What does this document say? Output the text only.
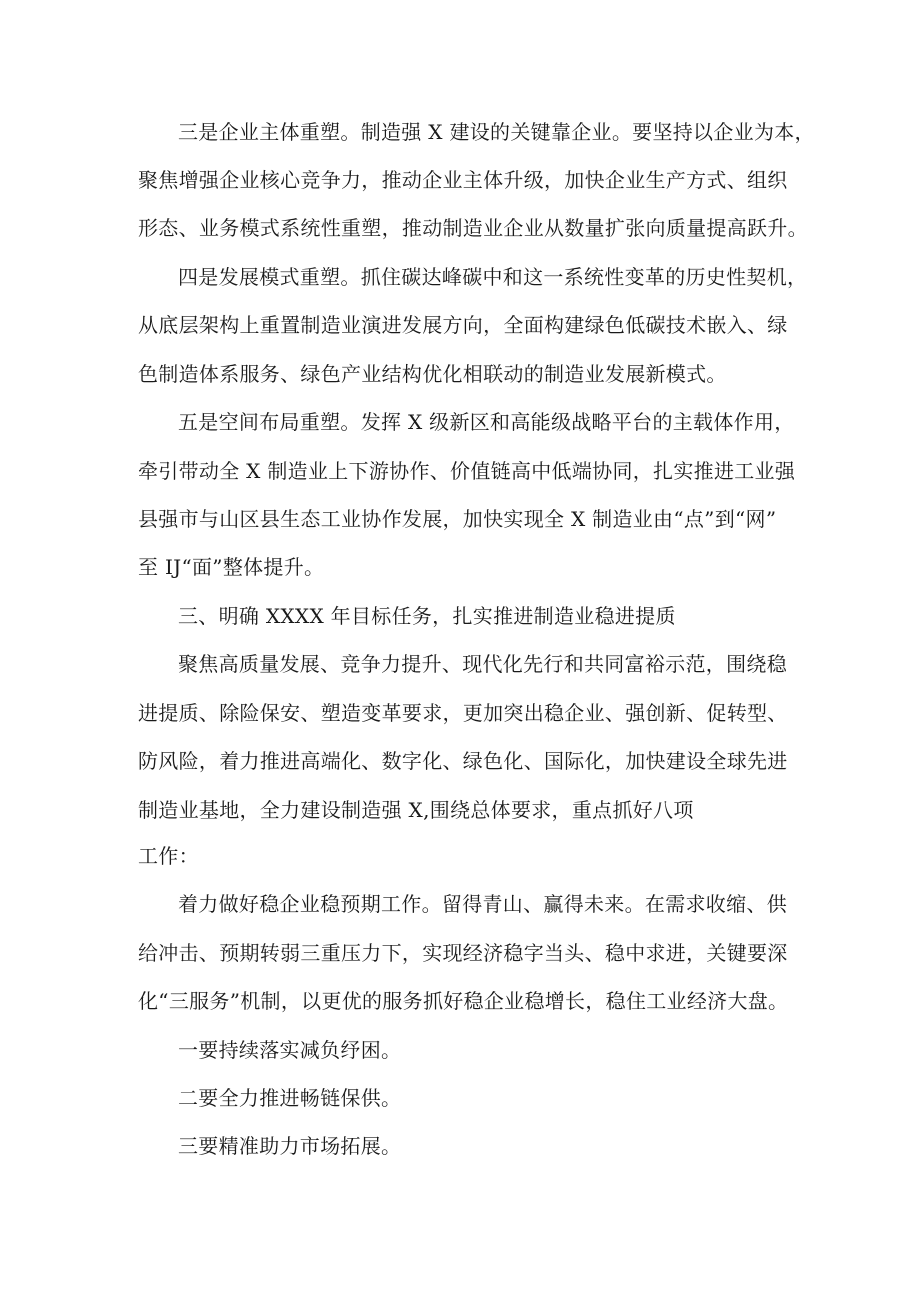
三是企业主体重塑。制造强 X 建设的关键靠企业。要坚持以企业为本，
聚焦增强企业核心竞争力，推动企业主体升级，加快企业生产方式、组织
形态、业务模式系统性重塑，推动制造业企业从数量扩张向质量提高跃升。
四是发展模式重塑。抓住碳达峰碳中和这一系统性变革的历史性契机，
从底层架构上重置制造业演进发展方向，全面构建绿色低碳技术嵌入、绿
色制造体系服务、绿色产业结构优化相联动的制造业发展新模式。
五是空间布局重塑。发挥 X 级新区和高能级战略平台的主载体作用，
牵引带动全 X 制造业上下游协作、价值链高中低端协同，扎实推进工业强
县强市与山区县生态工业协作发展，加快实现全 X 制造业由“点”到“网”
至 IJ“面”整体提升。
三、明确 XXXX 年目标任务，扎实推进制造业稳进提质
聚焦高质量发展、竞争力提升、现代化先行和共同富裕示范，围绕稳
进提质、除险保安、塑造变革要求，更加突出稳企业、强创新、促转型、
防风险，着力推进高端化、数字化、绿色化、国际化，加快建设全球先进
制造业基地，全力建设制造强 X,围绕总体要求，重点抓好八项
工作：
着力做好稳企业稳预期工作。留得青山、赢得未来。在需求收缩、供
给冲击、预期转弱三重压力下，实现经济稳字当头、稳中求进，关键要深
化“三服务”机制，以更优的服务抓好稳企业稳增长，稳住工业经济大盘。
一要持续落实减负纾困。
二要全力推进畅链保供。
三要精准助力市场拓展。
